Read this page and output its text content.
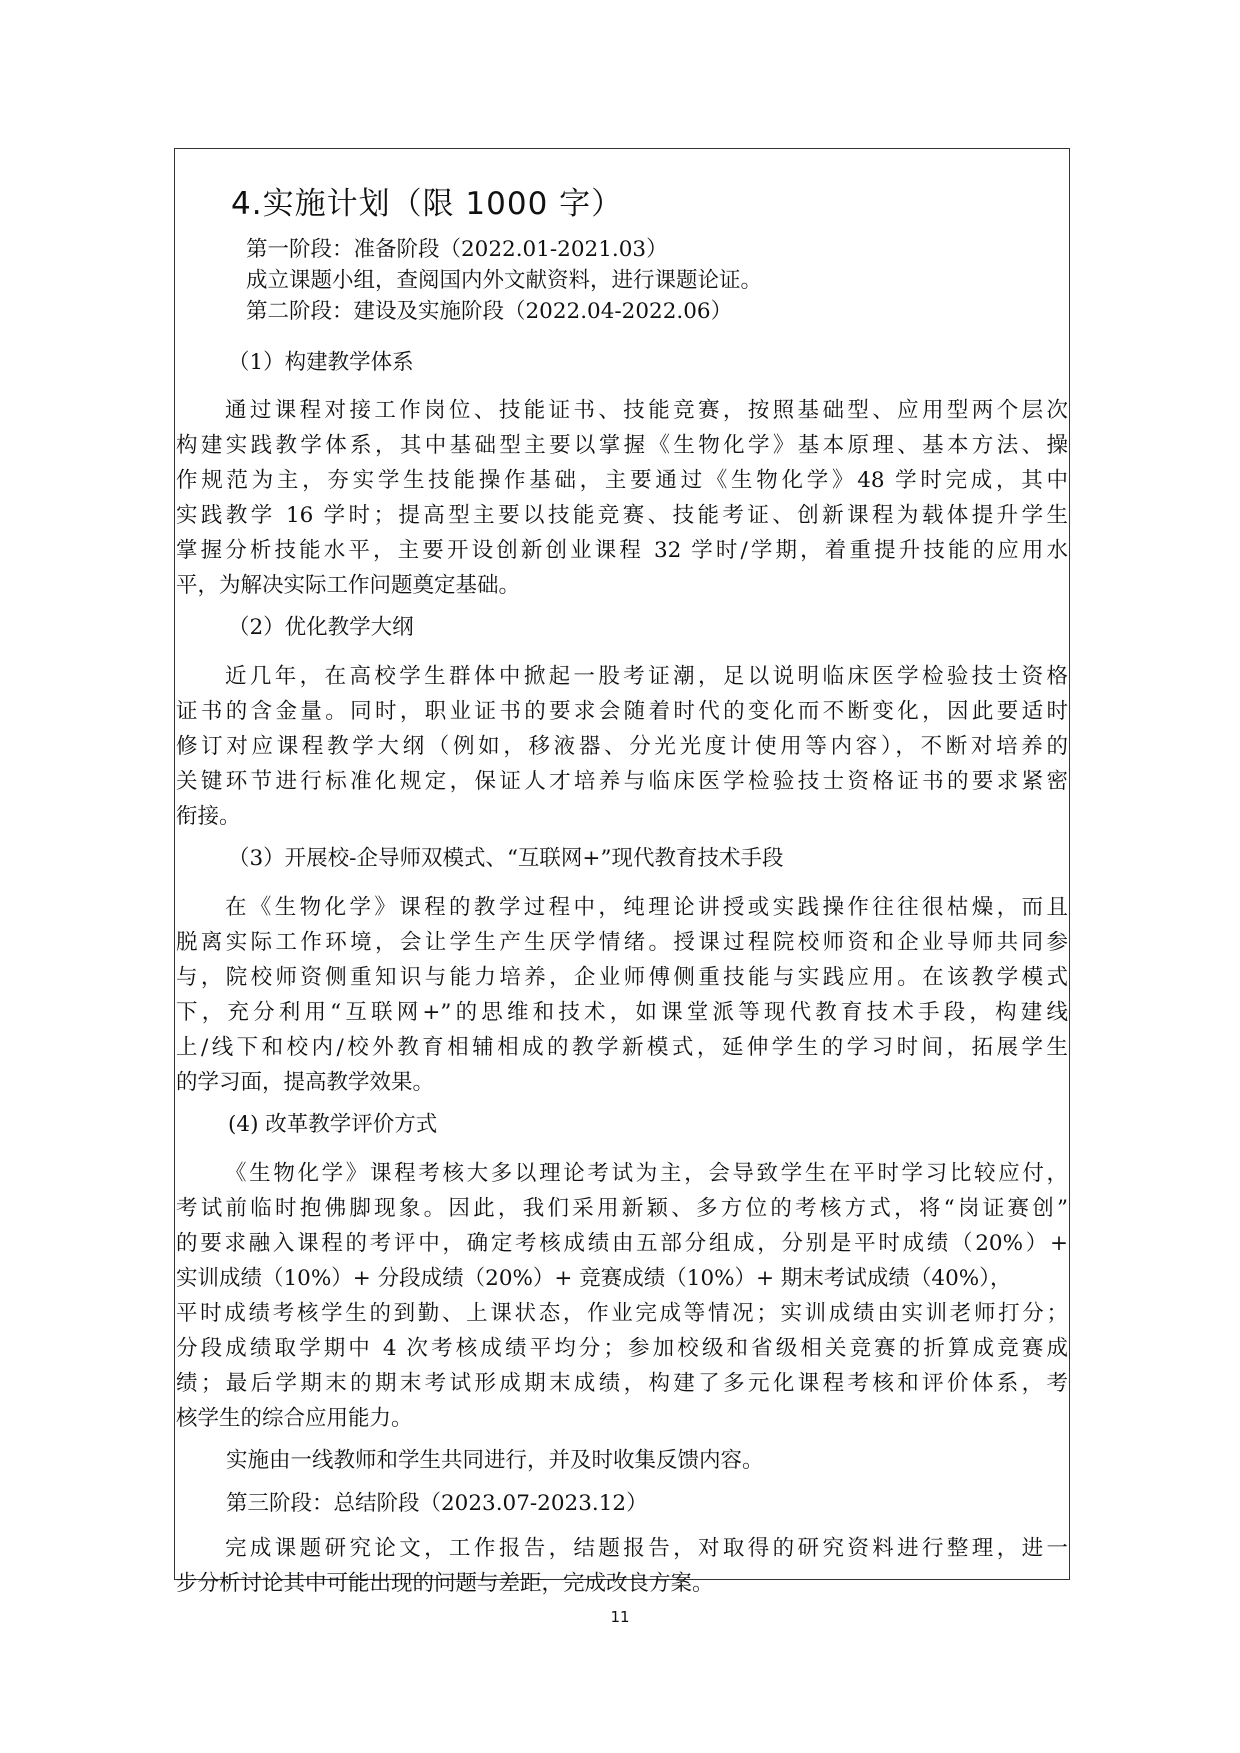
4.实施计划（限 1000 字）
第一阶段：准备阶段（2022.01-2021.03）
成立课题小组，查阅国内外文献资料，进行课题论证。
第二阶段：建设及实施阶段（2022.04-2022.06）
（1）构建教学体系
通过课程对接工作岗位、技能证书、技能竞赛，按照基础型、应用型两个层次
构建实践教学体系，其中基础型主要以掌握《生物化学》基本原理、基本方法、操
作规范为主，夯实学生技能操作基础，主要通过《生物化学》48 学时完成，其中
实践教学 16 学时；提高型主要以技能竞赛、技能考证、创新课程为载体提升学生
掌握分析技能水平，主要开设创新创业课程 32 学时/学期，着重提升技能的应用水
平，为解决实际工作问题奠定基础。
（2）优化教学大纲
近几年，在高校学生群体中掀起一股考证潮，足以说明临床医学检验技士资格
证书的含金量。同时，职业证书的要求会随着时代的变化而不断变化，因此要适时
修订对应课程教学大纲（例如，移液器、分光光度计使用等内容），不断对培养的
关键环节进行标准化规定，保证人才培养与临床医学检验技士资格证书的要求紧密
衔接。
（3）开展校-企导师双模式、“互联网+”现代教育技术手段
在《生物化学》课程的教学过程中，纯理论讲授或实践操作往往很枯燥，而且
脱离实际工作环境，会让学生产生厌学情绪。授课过程院校师资和企业导师共同参
与，院校师资侧重知识与能力培养，企业师傅侧重技能与实践应用。在该教学模式
下，充分利用“互联网+”的思维和技术，如课堂派等现代教育技术手段，构建线
上/线下和校内/校外教育相辅相成的教学新模式，延伸学生的学习时间，拓展学生
的学习面，提高教学效果。
(4) 改革教学评价方式
《生物化学》课程考核大多以理论考试为主，会导致学生在平时学习比较应付，
考试前临时抱佛脚现象。因此，我们采用新颖、多方位的考核方式，将“岗证赛创”
的要求融入课程的考评中，确定考核成绩由五部分组成，分别是平时成绩（20%）+
实训成绩（10%）+ 分段成绩（20%）+ 竞赛成绩（10%）+ 期末考试成绩（40%），
平时成绩考核学生的到勤、上课状态，作业完成等情况；实训成绩由实训老师打分；
分段成绩取学期中 4 次考核成绩平均分；参加校级和省级相关竞赛的折算成竞赛成
绩；最后学期末的期末考试形成期末成绩，构建了多元化课程考核和评价体系，考
核学生的综合应用能力。
实施由一线教师和学生共同进行，并及时收集反馈内容。
第三阶段：总结阶段（2023.07-2023.12）
完成课题研究论文，工作报告，结题报告，对取得的研究资料进行整理，进一
步分析讨论其中可能出现的问题与差距，完成改良方案。
11
